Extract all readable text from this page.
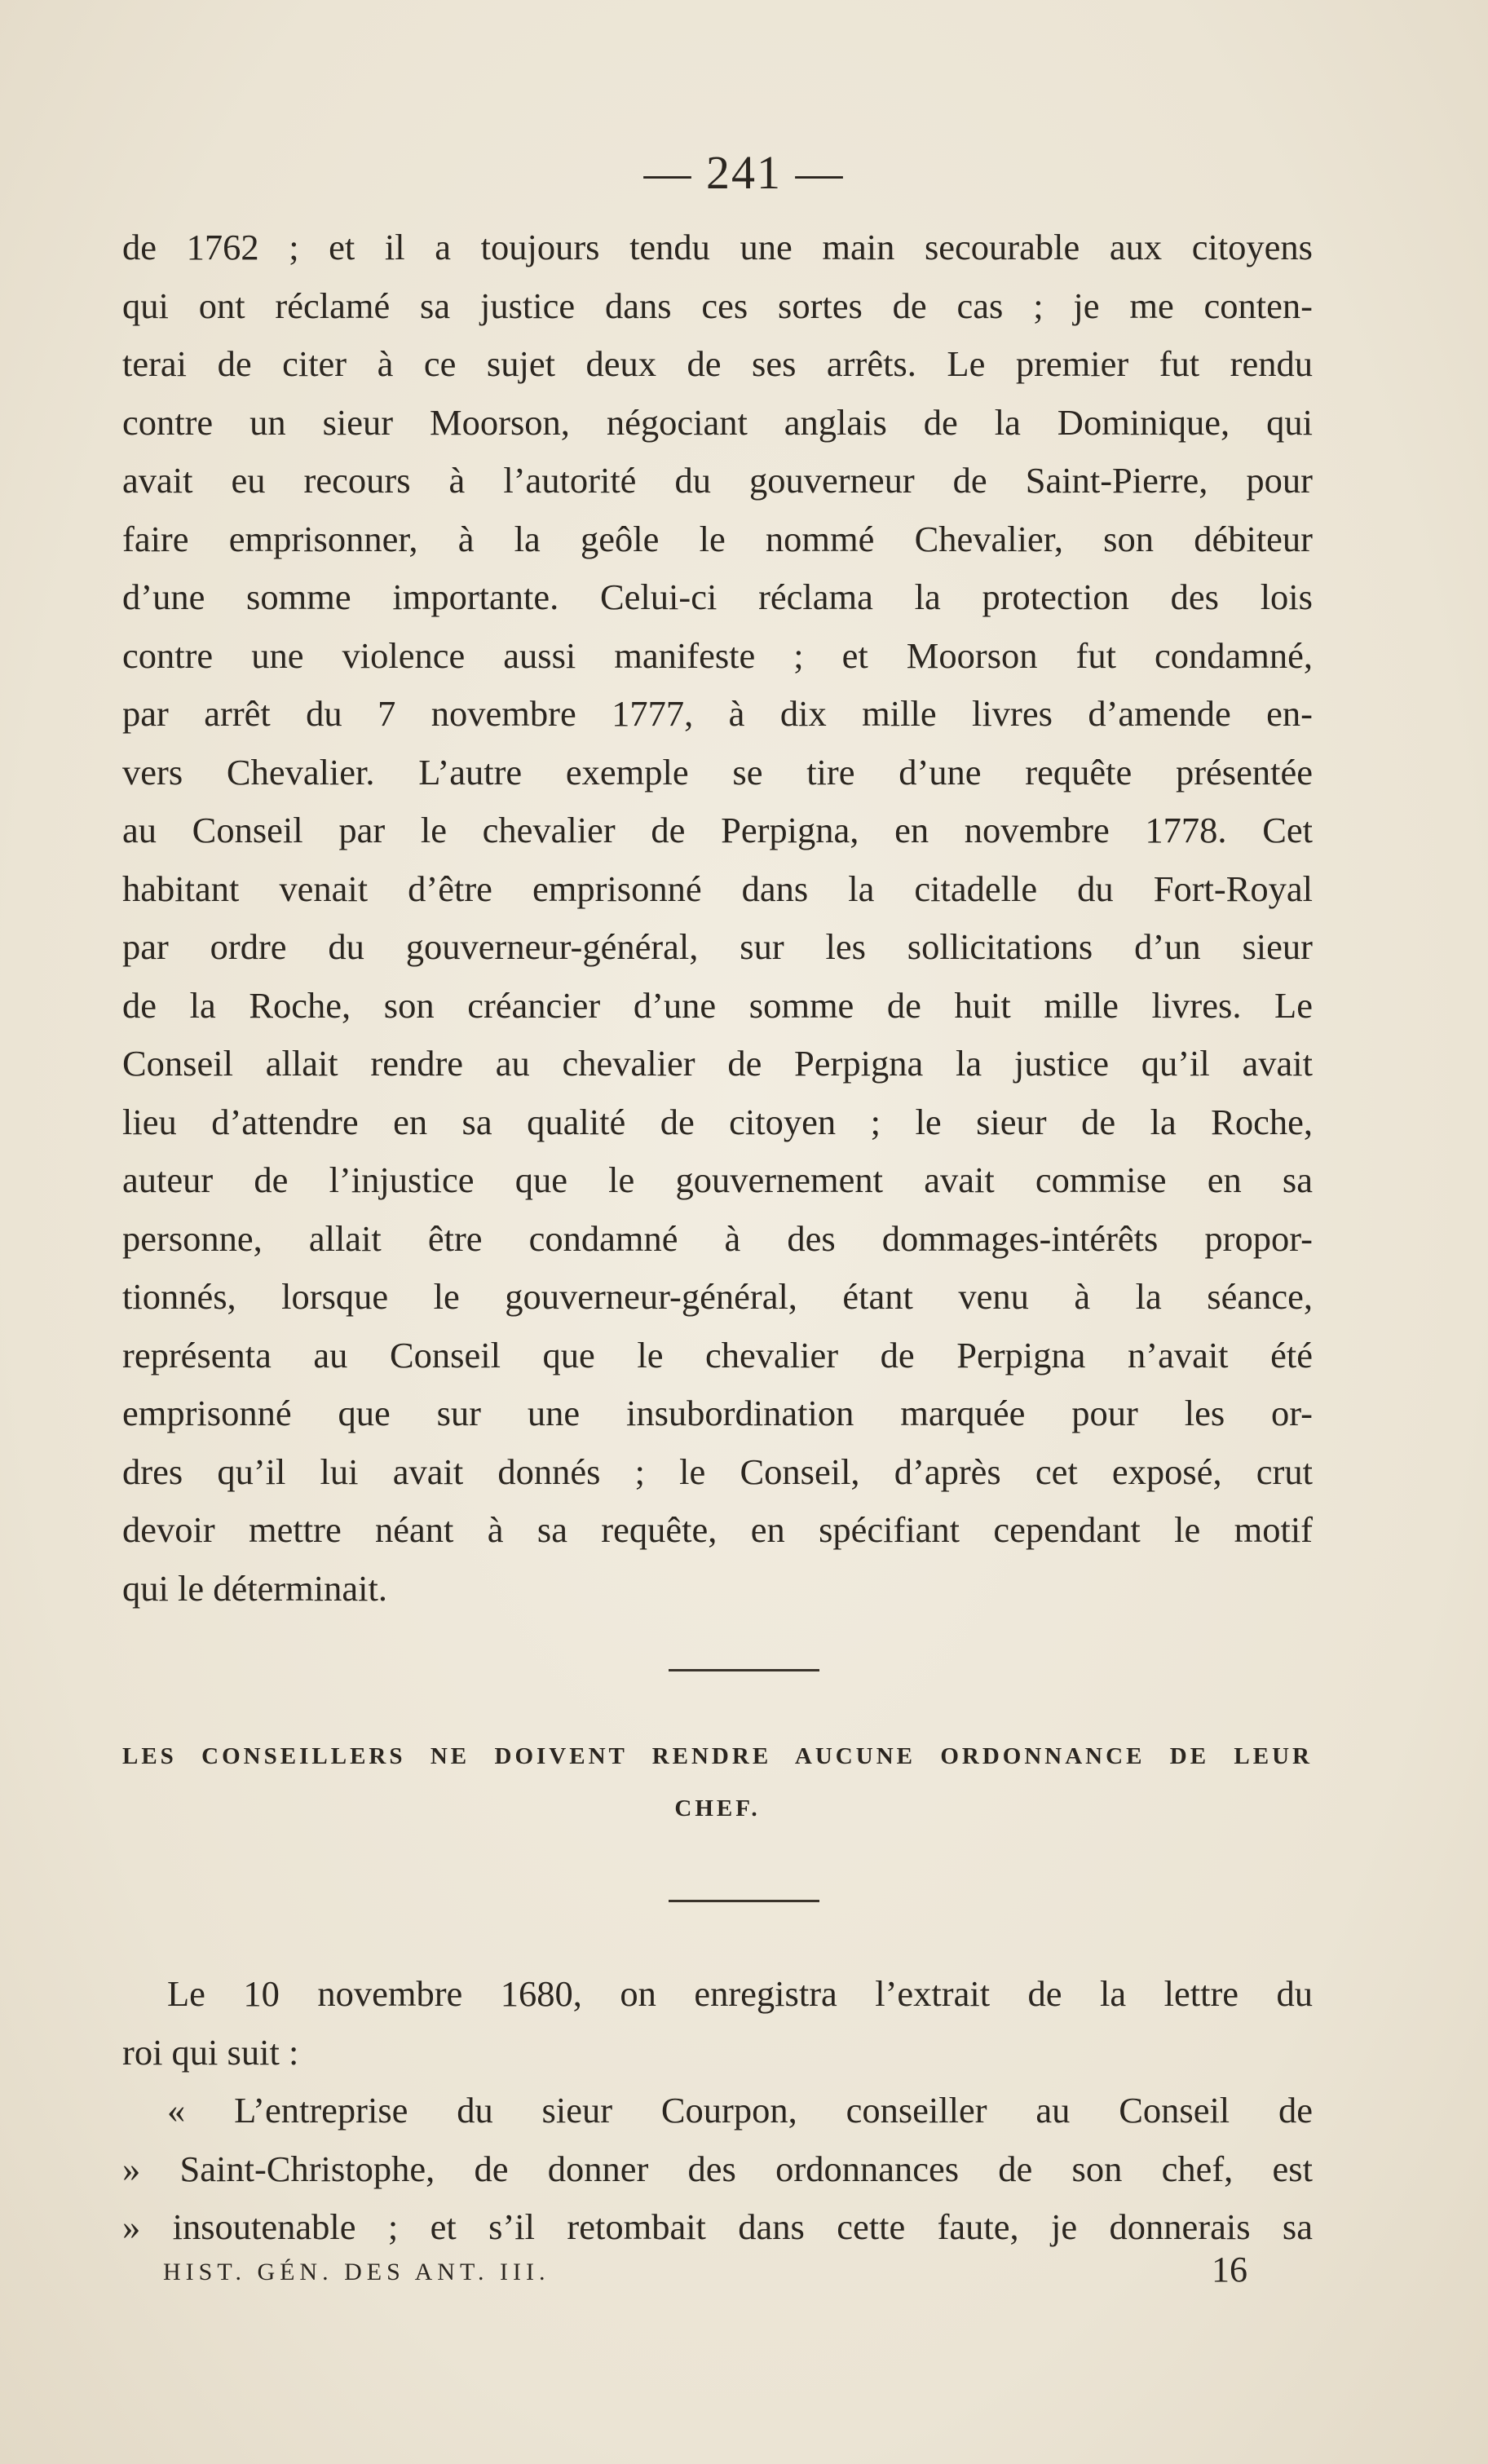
— 241 —
de 1762 ; et il a toujours tendu une main secourable aux citoyens
qui ont réclamé sa justice dans ces sortes de cas ; je me conten-
terai de citer à ce sujet deux de ses arrêts. Le premier fut rendu
contre un sieur Moorson, négociant anglais de la Dominique, qui
avait eu recours à l’autorité du gouverneur de Saint-Pierre, pour
faire emprisonner, à la geôle le nommé Chevalier, son débiteur
d’une somme importante. Celui-ci réclama la protection des lois
contre une violence aussi manifeste ; et Moorson fut condamné,
par arrêt du 7 novembre 1777, à dix mille livres d’amende en-
vers Chevalier. L’autre exemple se tire d’une requête présentée
au Conseil par le chevalier de Perpigna, en novembre 1778. Cet
habitant venait d’être emprisonné dans la citadelle du Fort-Royal
par ordre du gouverneur-général, sur les sollicitations d’un sieur
de la Roche, son créancier d’une somme de huit mille livres. Le
Conseil allait rendre au chevalier de Perpigna la justice qu’il avait
lieu d’attendre en sa qualité de citoyen ; le sieur de la Roche,
auteur de l’injustice que le gouvernement avait commise en sa
personne, allait être condamné à des dommages-intérêts propor-
tionnés, lorsque le gouverneur-général, étant venu à la séance,
représenta au Conseil que le chevalier de Perpigna n’avait été
emprisonné que sur une insubordination marquée pour les or-
dres qu’il lui avait donnés ; le Conseil, d’après cet exposé, crut
devoir mettre néant à sa requête, en spécifiant cependant le motif
qui le déterminait.
LES CONSEILLERS NE DOIVENT RENDRE AUCUNE ORDONNANCE DE LEUR
CHEF.
Le 10 novembre 1680, on enregistra l’extrait de la lettre du
roi qui suit :
« L’entreprise du sieur Courpon, conseiller au Conseil de
» Saint-Christophe, de donner des ordonnances de son chef, est
» insoutenable ; et s’il retombait dans cette faute, je donnerais sa
HIST. GÉN. DES ANT. III.	16
